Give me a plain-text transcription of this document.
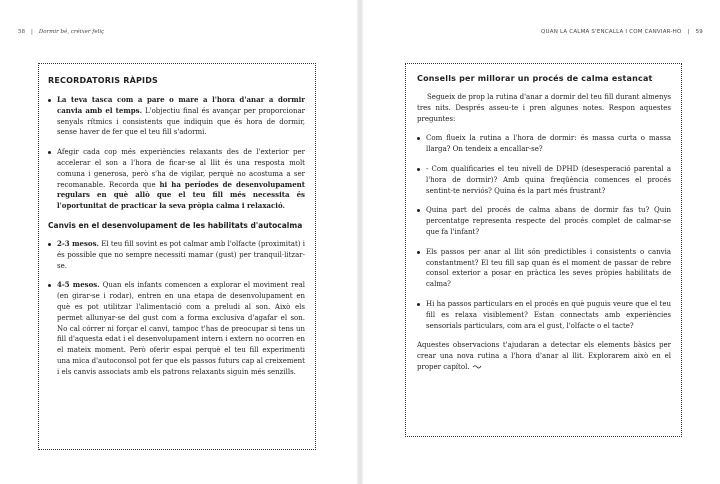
58 | Dormir bé, créixer feliç	QUAN LA CALMA S'ENCALLA I COM CANVIAR-HO | 59
RECORDATORIS RÀPIDS
La teva tasca com a pare o mare a l'hora d'anar a dormir canvia amb el temps. L'objectiu final és avançar per proporcionar senyals rítmics i consistents que indiquin que és hora de dormir, sense haver de fer que el teu fill s'adormi.
Afegir cada cop més experiències relaxants des de l'exterior per accelerar el son a l'hora de ficar-se al llit és una resposta molt comuna i generosa, però s'ha de vigilar, perquè no acostuma a ser recomanable. Recorda que hi ha períodes de desenvolupament regulars en què allò que el teu fill més necessita és l'oportunitat de practicar la seva pròpia calma i relaxació.
Canvis en el desenvolupament de les habilitats d'autocalma
2-3 mesos. El teu fill sovint es pot calmar amb l'olfacte (proximitat) i és possible que no sempre necessiti mamar (gust) per tranquil·litzar-se.
4-5 mesos. Quan els infants comencen a explorar el moviment real (en girar-se i rodar), entren en una etapa de desenvolupament en què es pot utilitzar l'alimentació com a preludi al son. Això els permet allunyar-se del gust com a forma exclusiva d'agafar el son. No cal córrer ni forçar el canvi, tampoc t'has de preocupar si tens un fill d'aquesta edat i el desenvolupament intern i extern no ocorren en el mateix moment. Però oferir espai perquè el teu fill experimenti una mica d'autoconsol pot fer que els passos futurs cap al creixement i els canvis associats amb els patrons relaxants siguin més senzills.
Consells per millorar un procés de calma estancat

Segueix de prop la rutina d'anar a dormir del teu fill durant almenys tres nits. Després asseu-te i pren algunes notes. Respon aquestes preguntes:

Com flueix la rutina a l'hora de dormir: és massa curta o massa llarga? On tendeix a encallar-se?
- Com qualificaries el teu nivell de DPHD (desesperació parental a l'hora de dormir)? Amb quina freqüència comences el procés sentint-te nerviós? Quina és la part més frustrant?
Quina part del procés de calma abans de dormir fas tu? Quin percentatge representa respecte del procés complet de calmar-se que fa l'infant?
Els passos per anar al llit són predictibles i consistents o canvia constantment? El teu fill sap quan és el moment de passar de rebre consol exterior a posar en pràctica les seves pròpies habilitats de calma?
Hi ha passos particulars en el procés en què puguis veure que el teu fill es relaxa visiblement? Estan connectats amb experiències sensorials particulars, com ara el gust, l'olfacte o el tacte?

Aquestes observacions t'ajudaran a detectar els elements bàsics per crear una nova rutina a l'hora d'anar al llit. Explorarem això en el proper capítol.
